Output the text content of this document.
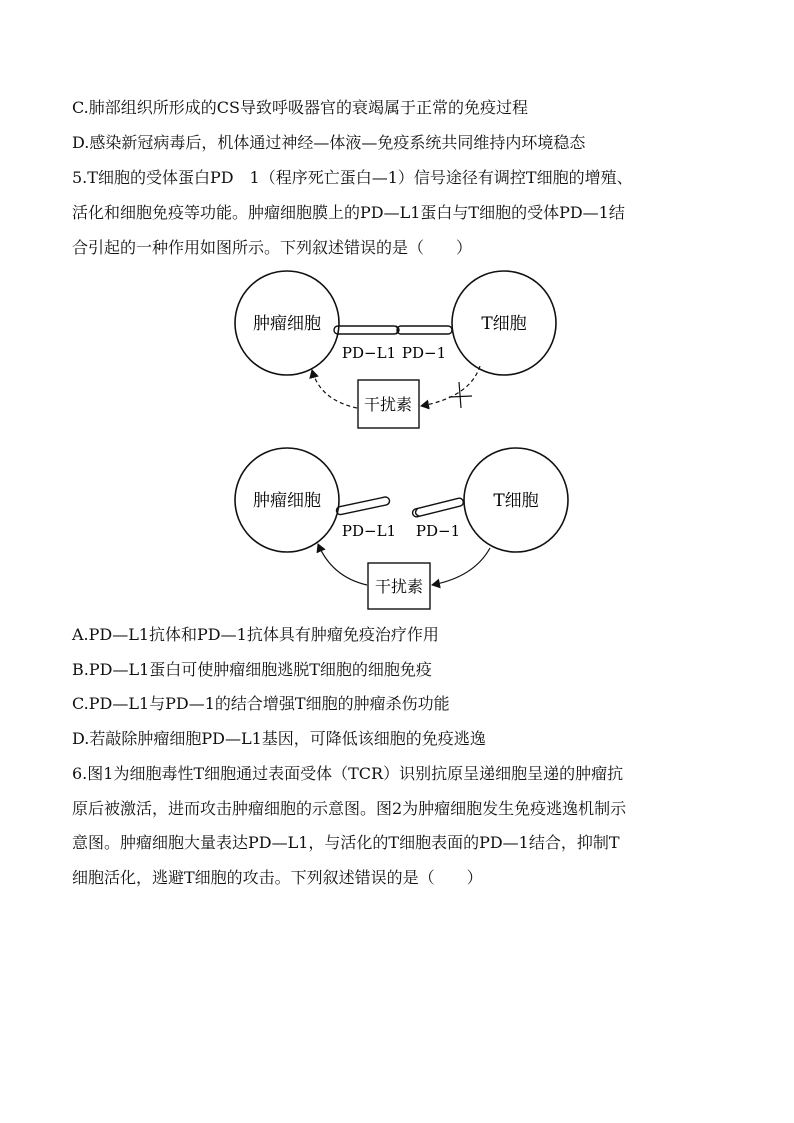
C.肺部组织所形成的CS导致呼吸器官的衰竭属于正常的免疫过程
D.感染新冠病毒后，机体通过神经—体液—免疫系统共同维持内环境稳态
5.T细胞的受体蛋白PD　1（程序死亡蛋白—1）信号途径有调控T细胞的增殖、
活化和细胞免疫等功能。肿瘤细胞膜上的PD—L1蛋白与T细胞的受体PD—1结
合引起的一种作用如图所示。下列叙述错误的是（　　）
肿瘤细胞	T细胞
PD−L1 PD−1
干扰素
肿瘤细胞	T细胞
PD−L1 PD−1
干扰素
A.PD—L1抗体和PD—1抗体具有肿瘤免疫治疗作用
B.PD—L1蛋白可使肿瘤细胞逃脱T细胞的细胞免疫
C.PD—L1与PD—1的结合增强T细胞的肿瘤杀伤功能
D.若敲除肿瘤细胞PD—L1基因，可降低该细胞的免疫逃逸
6.图1为细胞毒性T细胞通过表面受体（TCR）识别抗原呈递细胞呈递的肿瘤抗
原后被激活，进而攻击肿瘤细胞的示意图。图2为肿瘤细胞发生免疫逃逸机制示
意图。肿瘤细胞大量表达PD—L1，与活化的T细胞表面的PD—1结合，抑制T
细胞活化，逃避T细胞的攻击。下列叙述错误的是（　　）
